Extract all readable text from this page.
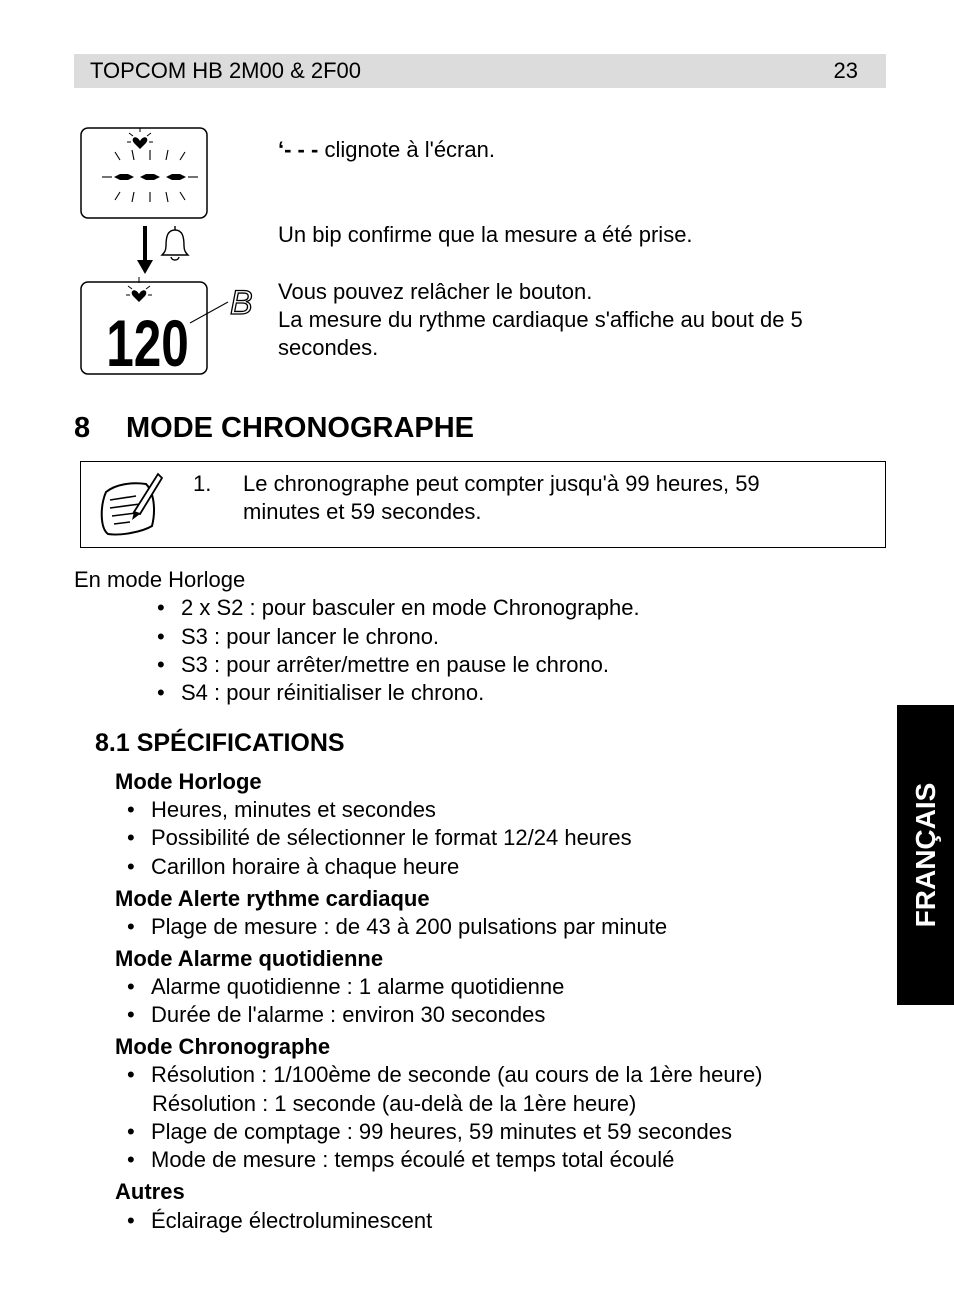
TOPCOM HB 2M00 & 2F00	23
120
B
‘- - - clignote à l'écran.
Un bip confirme que la mesure a été prise.
Vous pouvez relâcher le bouton.
La mesure du rythme cardiaque s'affiche au bout de 5
secondes.
8 MODE CHRONOGRAPHE
1. Le chronographe peut compter jusqu'à 99 heures, 59
minutes et 59 secondes.
En mode Horloge
• 2 x S2 : pour basculer en mode Chronographe.
• S3 : pour lancer le chrono.
• S3 : pour arrêter/mettre en pause le chrono.
• S4 : pour réinitialiser le chrono.
8.1 SPÉCIFICATIONS
Mode Horloge
• Heures, minutes et secondes
• Possibilité de sélectionner le format 12/24 heures
• Carillon horaire à chaque heure
Mode Alerte rythme cardiaque
• Plage de mesure : de 43 à 200 pulsations par minute
Mode Alarme quotidienne
• Alarme quotidienne : 1 alarme quotidienne
• Durée de l'alarme : environ 30 secondes
Mode Chronographe
• Résolution : 1/100ème de seconde (au cours de la 1ère heure)
Résolution : 1 seconde (au-delà de la 1ère heure)
• Plage de comptage : 99 heures, 59 minutes et 59 secondes
• Mode de mesure : temps écoulé et temps total écoulé
Autres
• Éclairage électroluminescent
FRANÇAIS
